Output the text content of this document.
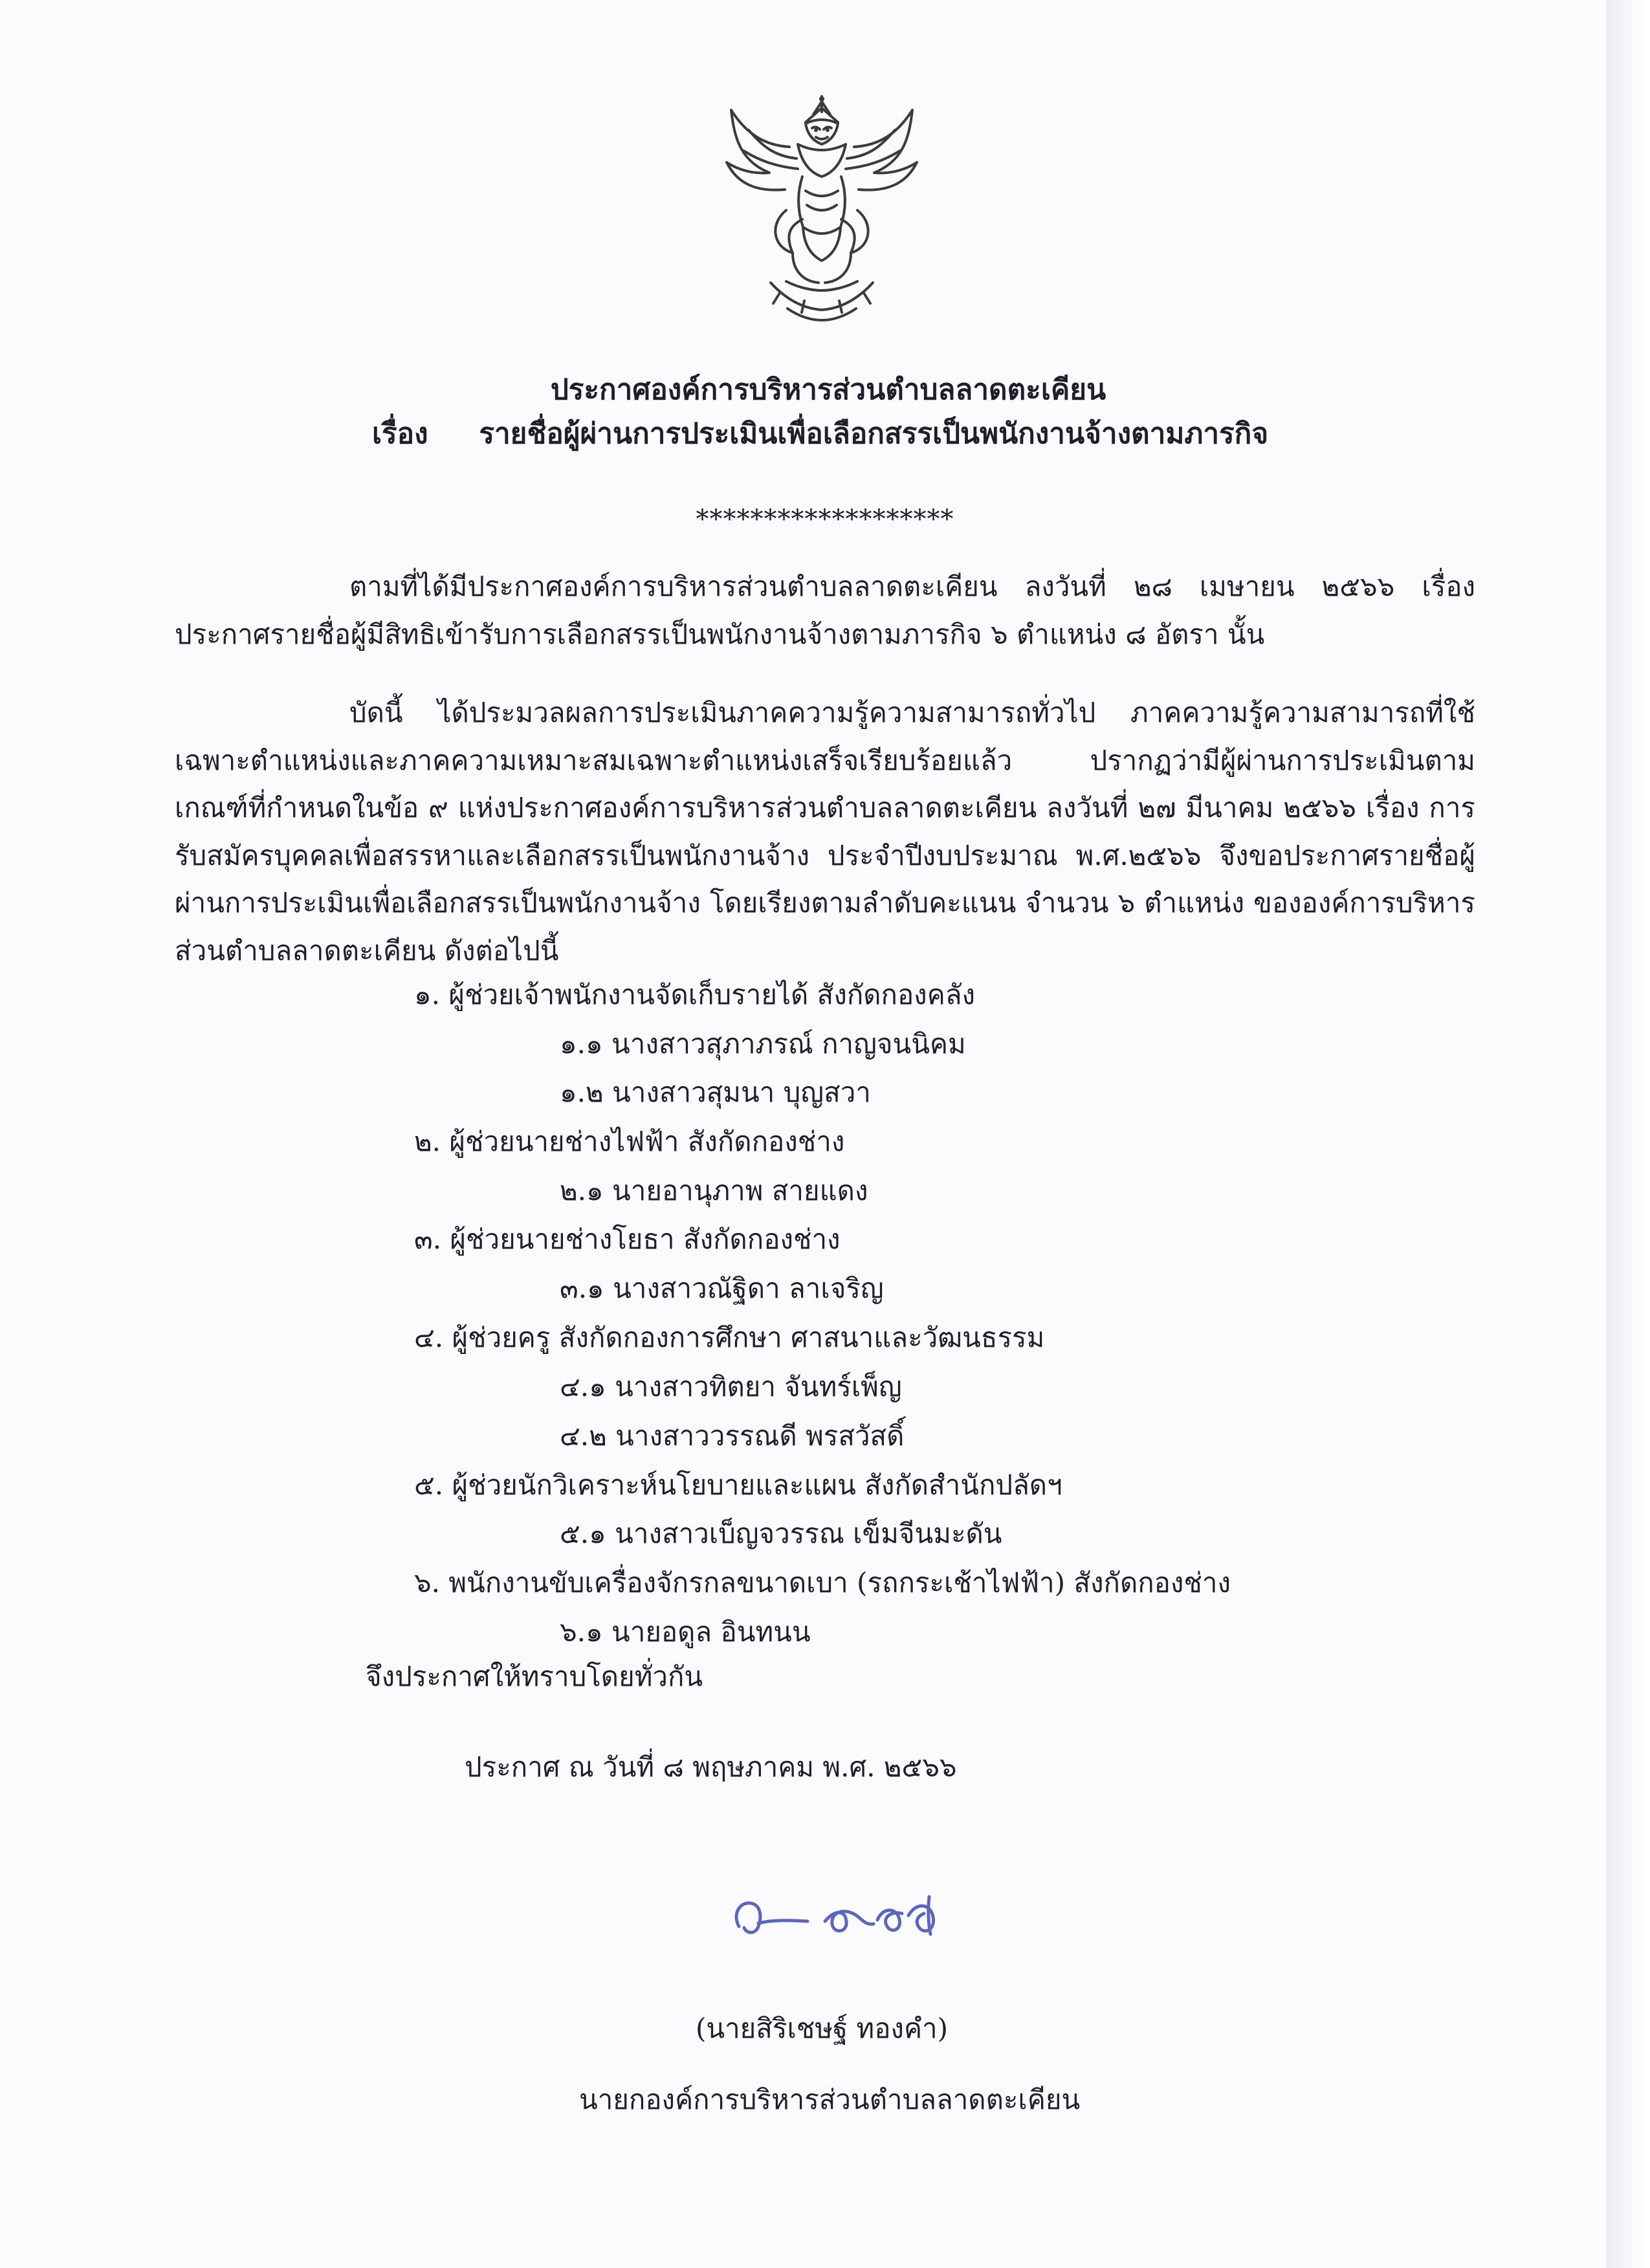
ประกาศองค์การบริหารส่วนตำบลลาดตะเคียน
เรื่อง รายชื่อผู้ผ่านการประเมินเพื่อเลือกสรรเป็นพนักงานจ้างตามภารกิจ
*******************
ตามที่ได้มีประกาศองค์การบริหารส่วนตำบลลาดตะเคียน ลงวันที่ ๒๘ เมษายน ๒๕๖๖ เรื่อง ประกาศรายชื่อผู้มีสิทธิเข้ารับการเลือกสรรเป็นพนักงานจ้างตามภารกิจ ๖ ตำแหน่ง ๘ อัตรา นั้น
บัดนี้ ได้ประมวลผลการประเมินภาคความรู้ความสามารถทั่วไป ภาคความรู้ความสามารถที่ใช้เฉพาะตำแหน่งและภาคความเหมาะสมเฉพาะตำแหน่งเสร็จเรียบร้อยแล้ว ปรากฏว่ามีผู้ผ่านการประเมินตามเกณฑ์ที่กำหนดในข้อ ๙ แห่งประกาศองค์การบริหารส่วนตำบลลาดตะเคียน ลงวันที่ ๒๗ มีนาคม ๒๕๖๖ เรื่อง การรับสมัครบุคคลเพื่อสรรหาและเลือกสรรเป็นพนักงานจ้าง ประจำปีงบประมาณ พ.ศ.๒๕๖๖ จึงขอประกาศรายชื่อผู้ผ่านการประเมินเพื่อเลือกสรรเป็นพนักงานจ้าง โดยเรียงตามลำดับคะแนน จำนวน ๖ ตำแหน่ง ขององค์การบริหารส่วนตำบลลาดตะเคียน ดังต่อไปนี้
๑. ผู้ช่วยเจ้าพนักงานจัดเก็บรายได้ สังกัดกองคลัง
๑.๑ นางสาวสุภาภรณ์ กาญจนนิคม
๑.๒ นางสาวสุมนา บุญสวา
๒. ผู้ช่วยนายช่างไฟฟ้า สังกัดกองช่าง
๒.๑ นายอานุภาพ สายแดง
๓. ผู้ช่วยนายช่างโยธา สังกัดกองช่าง
๓.๑ นางสาวณัฐิดา ลาเจริญ
๔. ผู้ช่วยครู สังกัดกองการศึกษา ศาสนาและวัฒนธรรม
๔.๑ นางสาวทิตยา จันทร์เพ็ญ
๔.๒ นางสาววรรณดี พรสวัสดิ์
๕. ผู้ช่วยนักวิเคราะห์นโยบายและแผน สังกัดสำนักปลัดฯ
๕.๑ นางสาวเบ็ญจวรรณ เข็มจีนมะดัน
๖. พนักงานขับเครื่องจักรกลขนาดเบา (รถกระเช้าไฟฟ้า) สังกัดกองช่าง
๖.๑ นายอดูล อินทนน
จึงประกาศให้ทราบโดยทั่วกัน
ประกาศ ณ วันที่ ๘ พฤษภาคม พ.ศ. ๒๕๖๖
(นายสิริเชษฐ์ ทองคำ)
นายกองค์การบริหารส่วนตำบลลาดตะเคียน
